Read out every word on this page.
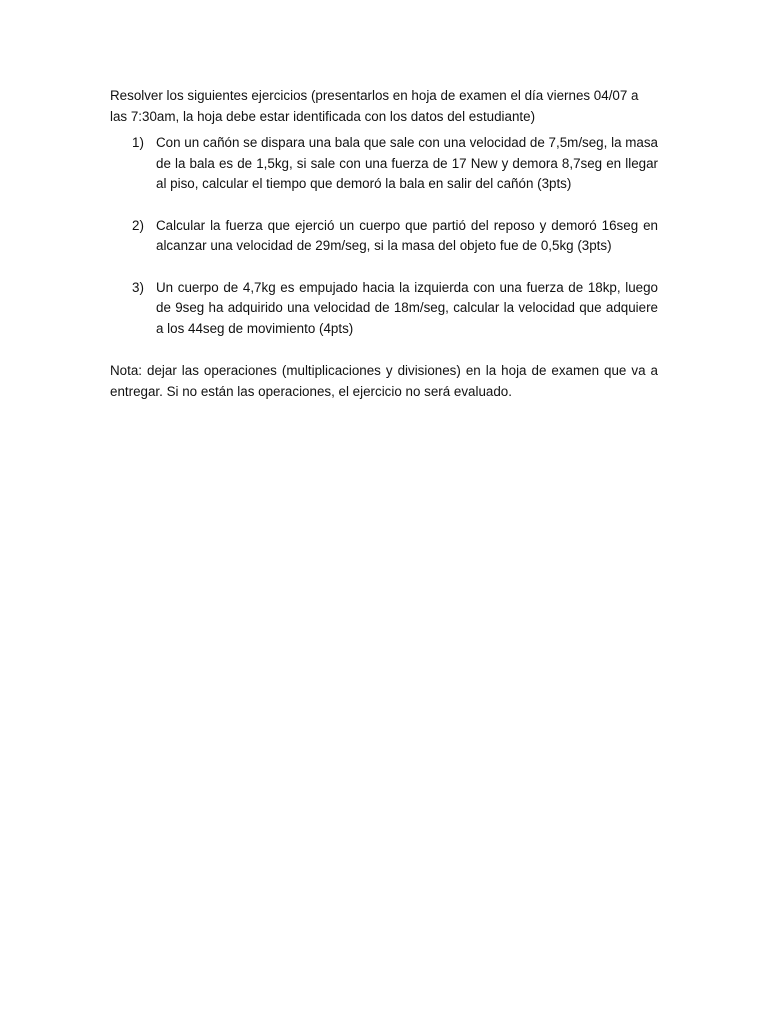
Resolver los siguientes ejercicios (presentarlos en hoja de examen el día viernes 04/07 a las 7:30am, la hoja debe estar identificada con los datos del estudiante)

1) Con un cañón se dispara una bala que sale con una velocidad de 7,5m/seg, la masa de la bala es de 1,5kg, si sale con una fuerza de 17 New y demora 8,7seg en llegar al piso, calcular el tiempo que demoró la bala en salir del cañón (3pts)
2) Calcular la fuerza que ejerció un cuerpo que partió del reposo y demoró 16seg en alcanzar una velocidad de 29m/seg, si la masa del objeto fue de 0,5kg (3pts)
3) Un cuerpo de 4,7kg es empujado hacia la izquierda con una fuerza de 18kp, luego de 9seg ha adquirido una velocidad de 18m/seg, calcular la velocidad que adquiere a los 44seg de movimiento (4pts)

Nota: dejar las operaciones (multiplicaciones y divisiones) en la hoja de examen que va a entregar. Si no están las operaciones, el ejercicio no será evaluado.
